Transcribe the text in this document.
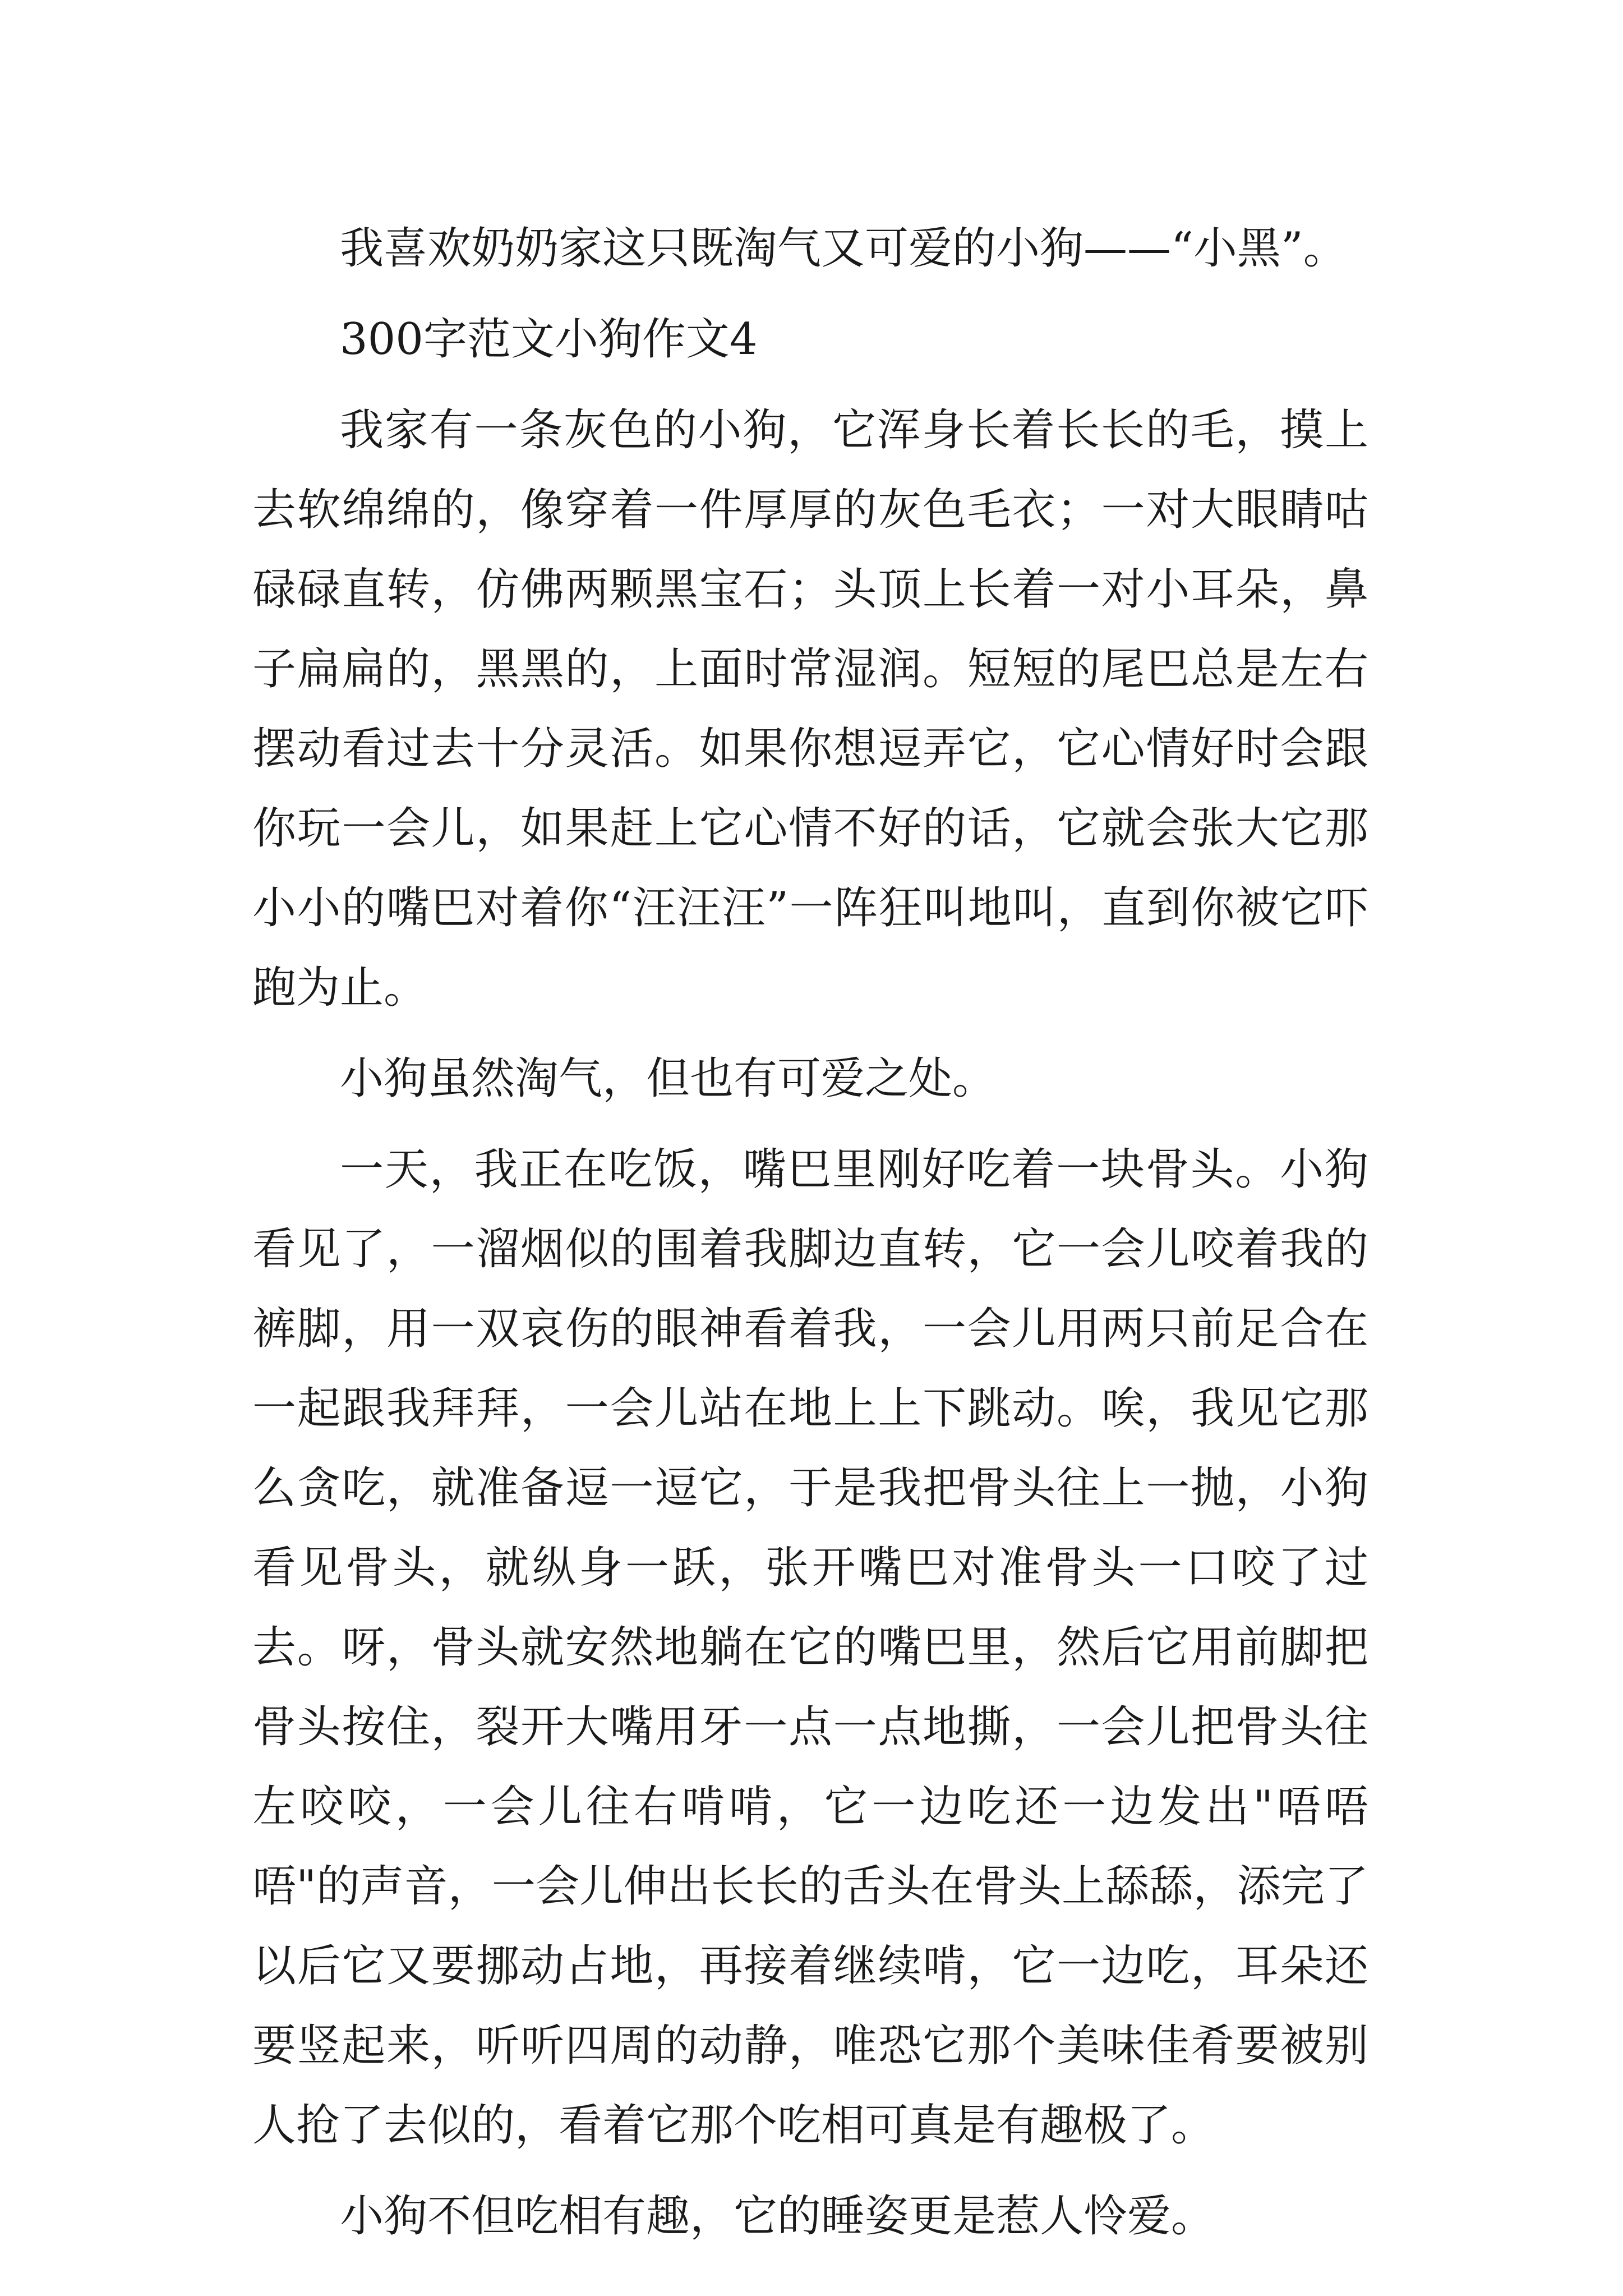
我喜欢奶奶家这只既淘气又可爱的小狗——“小黑”。

300字范文小狗作文4

我家有一条灰色的小狗，它浑身长着长长的毛，摸上去软绵绵的，像穿着一件厚厚的灰色毛衣；一对大眼睛咕碌碌直转，仿佛两颗黑宝石；头顶上长着一对小耳朵，鼻子扁扁的，黑黑的，上面时常湿润。短短的尾巴总是左右摆动看过去十分灵活。如果你想逗弄它，它心情好时会跟你玩一会儿，如果赶上它心情不好的话，它就会张大它那小小的嘴巴对着你“汪汪汪”一阵狂叫地叫，直到你被它吓跑为止。

小狗虽然淘气，但也有可爱之处。

一天，我正在吃饭，嘴巴里刚好吃着一块骨头。小狗看见了，一溜烟似的围着我脚边直转，它一会儿咬着我的裤脚，用一双哀伤的眼神看着我，一会儿用两只前足合在一起跟我拜拜，一会儿站在地上上下跳动。唉，我见它那么贪吃，就准备逗一逗它，于是我把骨头往上一抛，小狗看见骨头，就纵身一跃，张开嘴巴对准骨头一口咬了过去。呀，骨头就安然地躺在它的嘴巴里，然后它用前脚把骨头按住，裂开大嘴用牙一点一点地撕，一会儿把骨头往左咬咬，一会儿往右啃啃，它一边吃还一边发出"唔唔唔"的声音，一会儿伸出长长的舌头在骨头上舔舔，添完了以后它又要挪动占地，再接着继续啃，它一边吃，耳朵还要竖起来，听听四周的动静，唯恐它那个美味佳肴要被别人抢了去似的，看着它那个吃相可真是有趣极了。

小狗不但吃相有趣，它的睡姿更是惹人怜爱。
